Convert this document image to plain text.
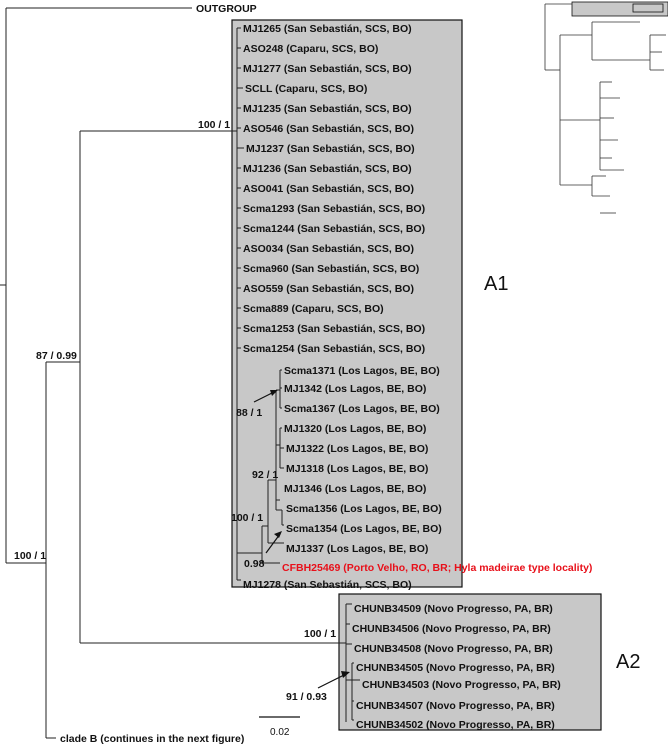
OUTGROUP
clade B (continues in the next figure)
MJ1265 (San Sebastián, SCS, BO)
ASO248 (Caparu, SCS, BO)
MJ1277 (San Sebastián, SCS, BO)
SCLL (Caparu, SCS, BO)
MJ1235 (San Sebastián, SCS, BO)
ASO546 (San Sebastián, SCS, BO)
MJ1237 (San Sebastián, SCS, BO)
MJ1236 (San Sebastián, SCS, BO)
ASO041 (San Sebastián, SCS, BO)
Scma1293 (San Sebastián, SCS, BO)
Scma1244 (San Sebastián, SCS, BO)
ASO034 (San Sebastián, SCS, BO)
Scma960 (San Sebastián, SCS, BO)
ASO559 (San Sebastián, SCS, BO)
Scma889 (Caparu, SCS, BO)
Scma1253 (San Sebastián, SCS, BO)
Scma1254 (San Sebastián, SCS, BO)
Scma1371 (Los Lagos, BE, BO)
MJ1342 (Los Lagos, BE, BO)
Scma1367 (Los Lagos, BE, BO)
MJ1320 (Los Lagos, BE, BO)
MJ1322 (Los Lagos, BE, BO)
MJ1318 (Los Lagos, BE, BO)
MJ1346 (Los Lagos, BE, BO)
Scma1356 (Los Lagos, BE, BO)
Scma1354 (Los Lagos, BE, BO)
MJ1337 (Los Lagos, BE, BO)
CFBH25469 (Porto Velho, RO, BR; Hyla madeirae type locality)
MJ1278 (San Sebastián, SCS, BO)
CHUNB34509 (Novo Progresso, PA, BR)
CHUNB34506 (Novo Progresso, PA, BR)
CHUNB34508 (Novo Progresso, PA, BR)
CHUNB34505 (Novo Progresso, PA, BR)
CHUNB34503 (Novo Progresso, PA, BR)
CHUNB34507 (Novo Progresso, PA, BR)
CHUNB34502 (Novo Progresso, PA, BR)
100 / 1
87 / 0.99
100 / 1
88 / 1
92 / 1
100 / 1
0.98
100 / 1
91 / 0.93
A1
A2
0.02
